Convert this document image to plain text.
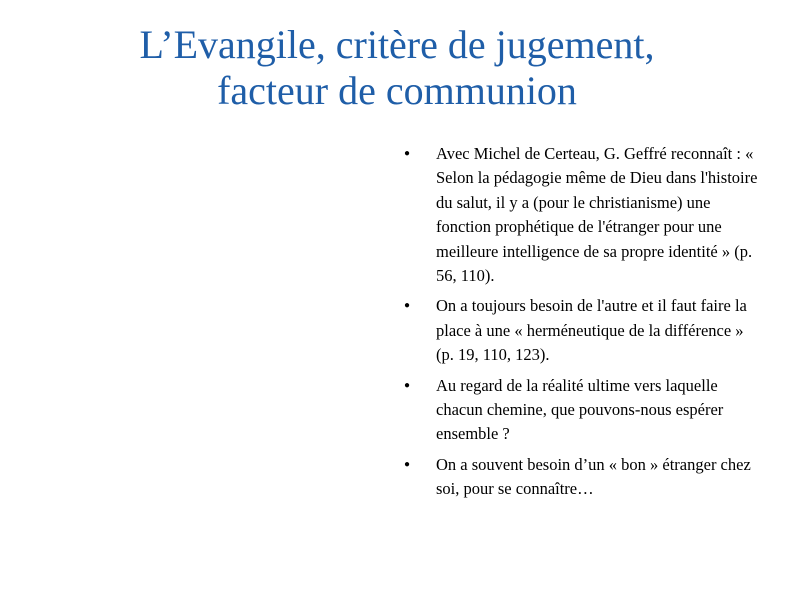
L’Evangile, critère de jugement,
facteur de communion
● Avec Michel de Certeau, G. Geffré reconnaît : « Selon la pédagogie même de Dieu dans l'histoire du salut, il y a (pour le christianisme) une fonction prophétique de l'étranger pour une meilleure intelligence de sa propre identité » (p. 56, 110).
● On a toujours besoin de l'autre et il faut faire la place à une « herméneutique de la différence » (p. 19, 110, 123).
● Au regard de la réalité ultime vers laquelle chacun chemine, que pouvons-nous espérer ensemble ?
● On a souvent besoin d’un « bon » étranger chez soi, pour se connaître…
